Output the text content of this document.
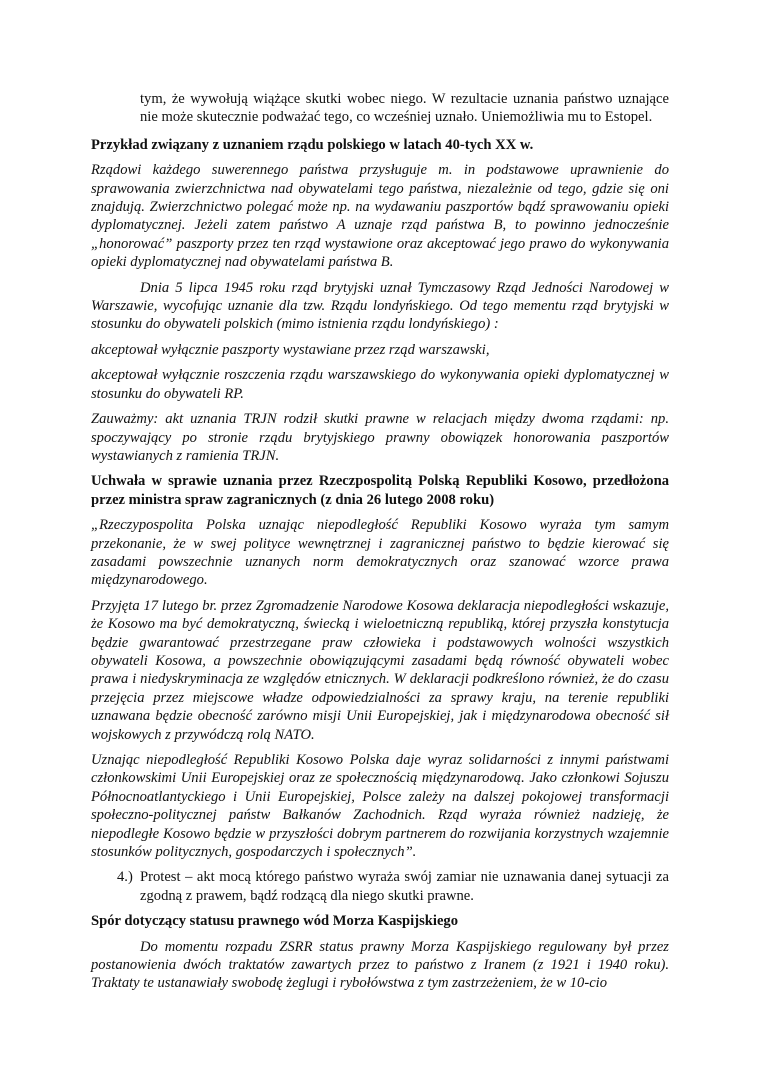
tym, że wywołują wiążące skutki wobec niego. W rezultacie uznania państwo uznające nie może skutecznie podważać tego, co wcześniej uznało. Uniemożliwia mu to Estopel.

Przykład związany z uznaniem rządu polskiego w latach 40-tych XX w.

Rządowi każdego suwerennego państwa przysługuje m. in podstawowe uprawnienie do sprawowania zwierzchnictwa nad obywatelami tego państwa, niezależnie od tego, gdzie się oni znajdują. Zwierzchnictwo polegać może np. na wydawaniu paszportów bądź sprawowaniu opieki dyplomatycznej. Jeżeli zatem państwo A uznaje rząd państwa B, to powinno jednocześnie „honorować” paszporty przez ten rząd wystawione oraz akceptować jego prawo do wykonywania opieki dyplomatycznej nad obywatelami państwa B.

Dnia 5 lipca 1945 roku rząd brytyjski uznał Tymczasowy Rząd Jedności Narodowej w Warszawie, wycofując uznanie dla tzw. Rządu londyńskiego. Od tego mementu rząd brytyjski w stosunku do obywateli polskich (mimo istnienia rządu londyńskiego) :

akceptował wyłącznie paszporty wystawiane przez rząd warszawski,

akceptował wyłącznie roszczenia rządu warszawskiego do wykonywania opieki dyplomatycznej w stosunku do obywateli RP.

Zauważmy: akt uznania TRJN rodził skutki prawne w relacjach między dwoma rządami: np. spoczywający po stronie rządu brytyjskiego prawny obowiązek honorowania paszportów wystawianych z ramienia TRJN.

Uchwała w sprawie uznania przez Rzeczpospolitą Polską Republiki Kosowo, przedłożona przez ministra spraw zagranicznych (z dnia 26 lutego 2008 roku)

„Rzeczypospolita Polska uznając niepodległość Republiki Kosowo wyraża tym samym przekonanie, że w swej polityce wewnętrznej i zagranicznej państwo to będzie kierować się zasadami powszechnie uznanych norm demokratycznych oraz szanować wzorce prawa międzynarodowego.

Przyjęta 17 lutego br. przez Zgromadzenie Narodowe Kosowa deklaracja niepodległości wskazuje, że Kosowo ma być demokratyczną, świecką i wieloetniczną republiką, której przyszła konstytucja będzie gwarantować przestrzegane praw człowieka i podstawowych wolności wszystkich obywateli Kosowa, a powszechnie obowiązującymi zasadami będą równość obywateli wobec prawa i niedyskryminacja ze względów etnicznych. W deklaracji podkreślono również, że do czasu przejęcia przez miejscowe władze odpowiedzialności za sprawy kraju, na terenie republiki uznawana będzie obecność zarówno misji Unii Europejskiej, jak i międzynarodowa obecność sił wojskowych z przywódczą rolą NATO.

Uznając niepodległość Republiki Kosowo Polska daje wyraz solidarności z innymi państwami członkowskimi Unii Europejskiej oraz ze społecznością międzynarodową. Jako członkowi Sojuszu Północnoatlantyckiego i Unii Europejskiej, Polsce zależy na dalszej pokojowej transformacji społeczno-politycznej państw Bałkanów Zachodnich. Rząd wyraża również nadzieję, że niepodległe Kosowo będzie w przyszłości dobrym partnerem do rozwijania korzystnych wzajemnie stosunków politycznych, gospodarczych i społecznych”.

4.) Protest – akt mocą którego państwo wyraża swój zamiar nie uznawania danej sytuacji za zgodną z prawem, bądź rodzącą dla niego skutki prawne.

Spór dotyczący statusu prawnego wód Morza Kaspijskiego

Do momentu rozpadu ZSRR status prawny Morza Kaspijskiego regulowany był przez postanowienia dwóch traktatów zawartych przez to państwo z Iranem (z 1921 i 1940 roku). Traktaty te ustanawiały swobodę żeglugi i rybołówstwa z tym zastrzeżeniem, że w 10-cio
